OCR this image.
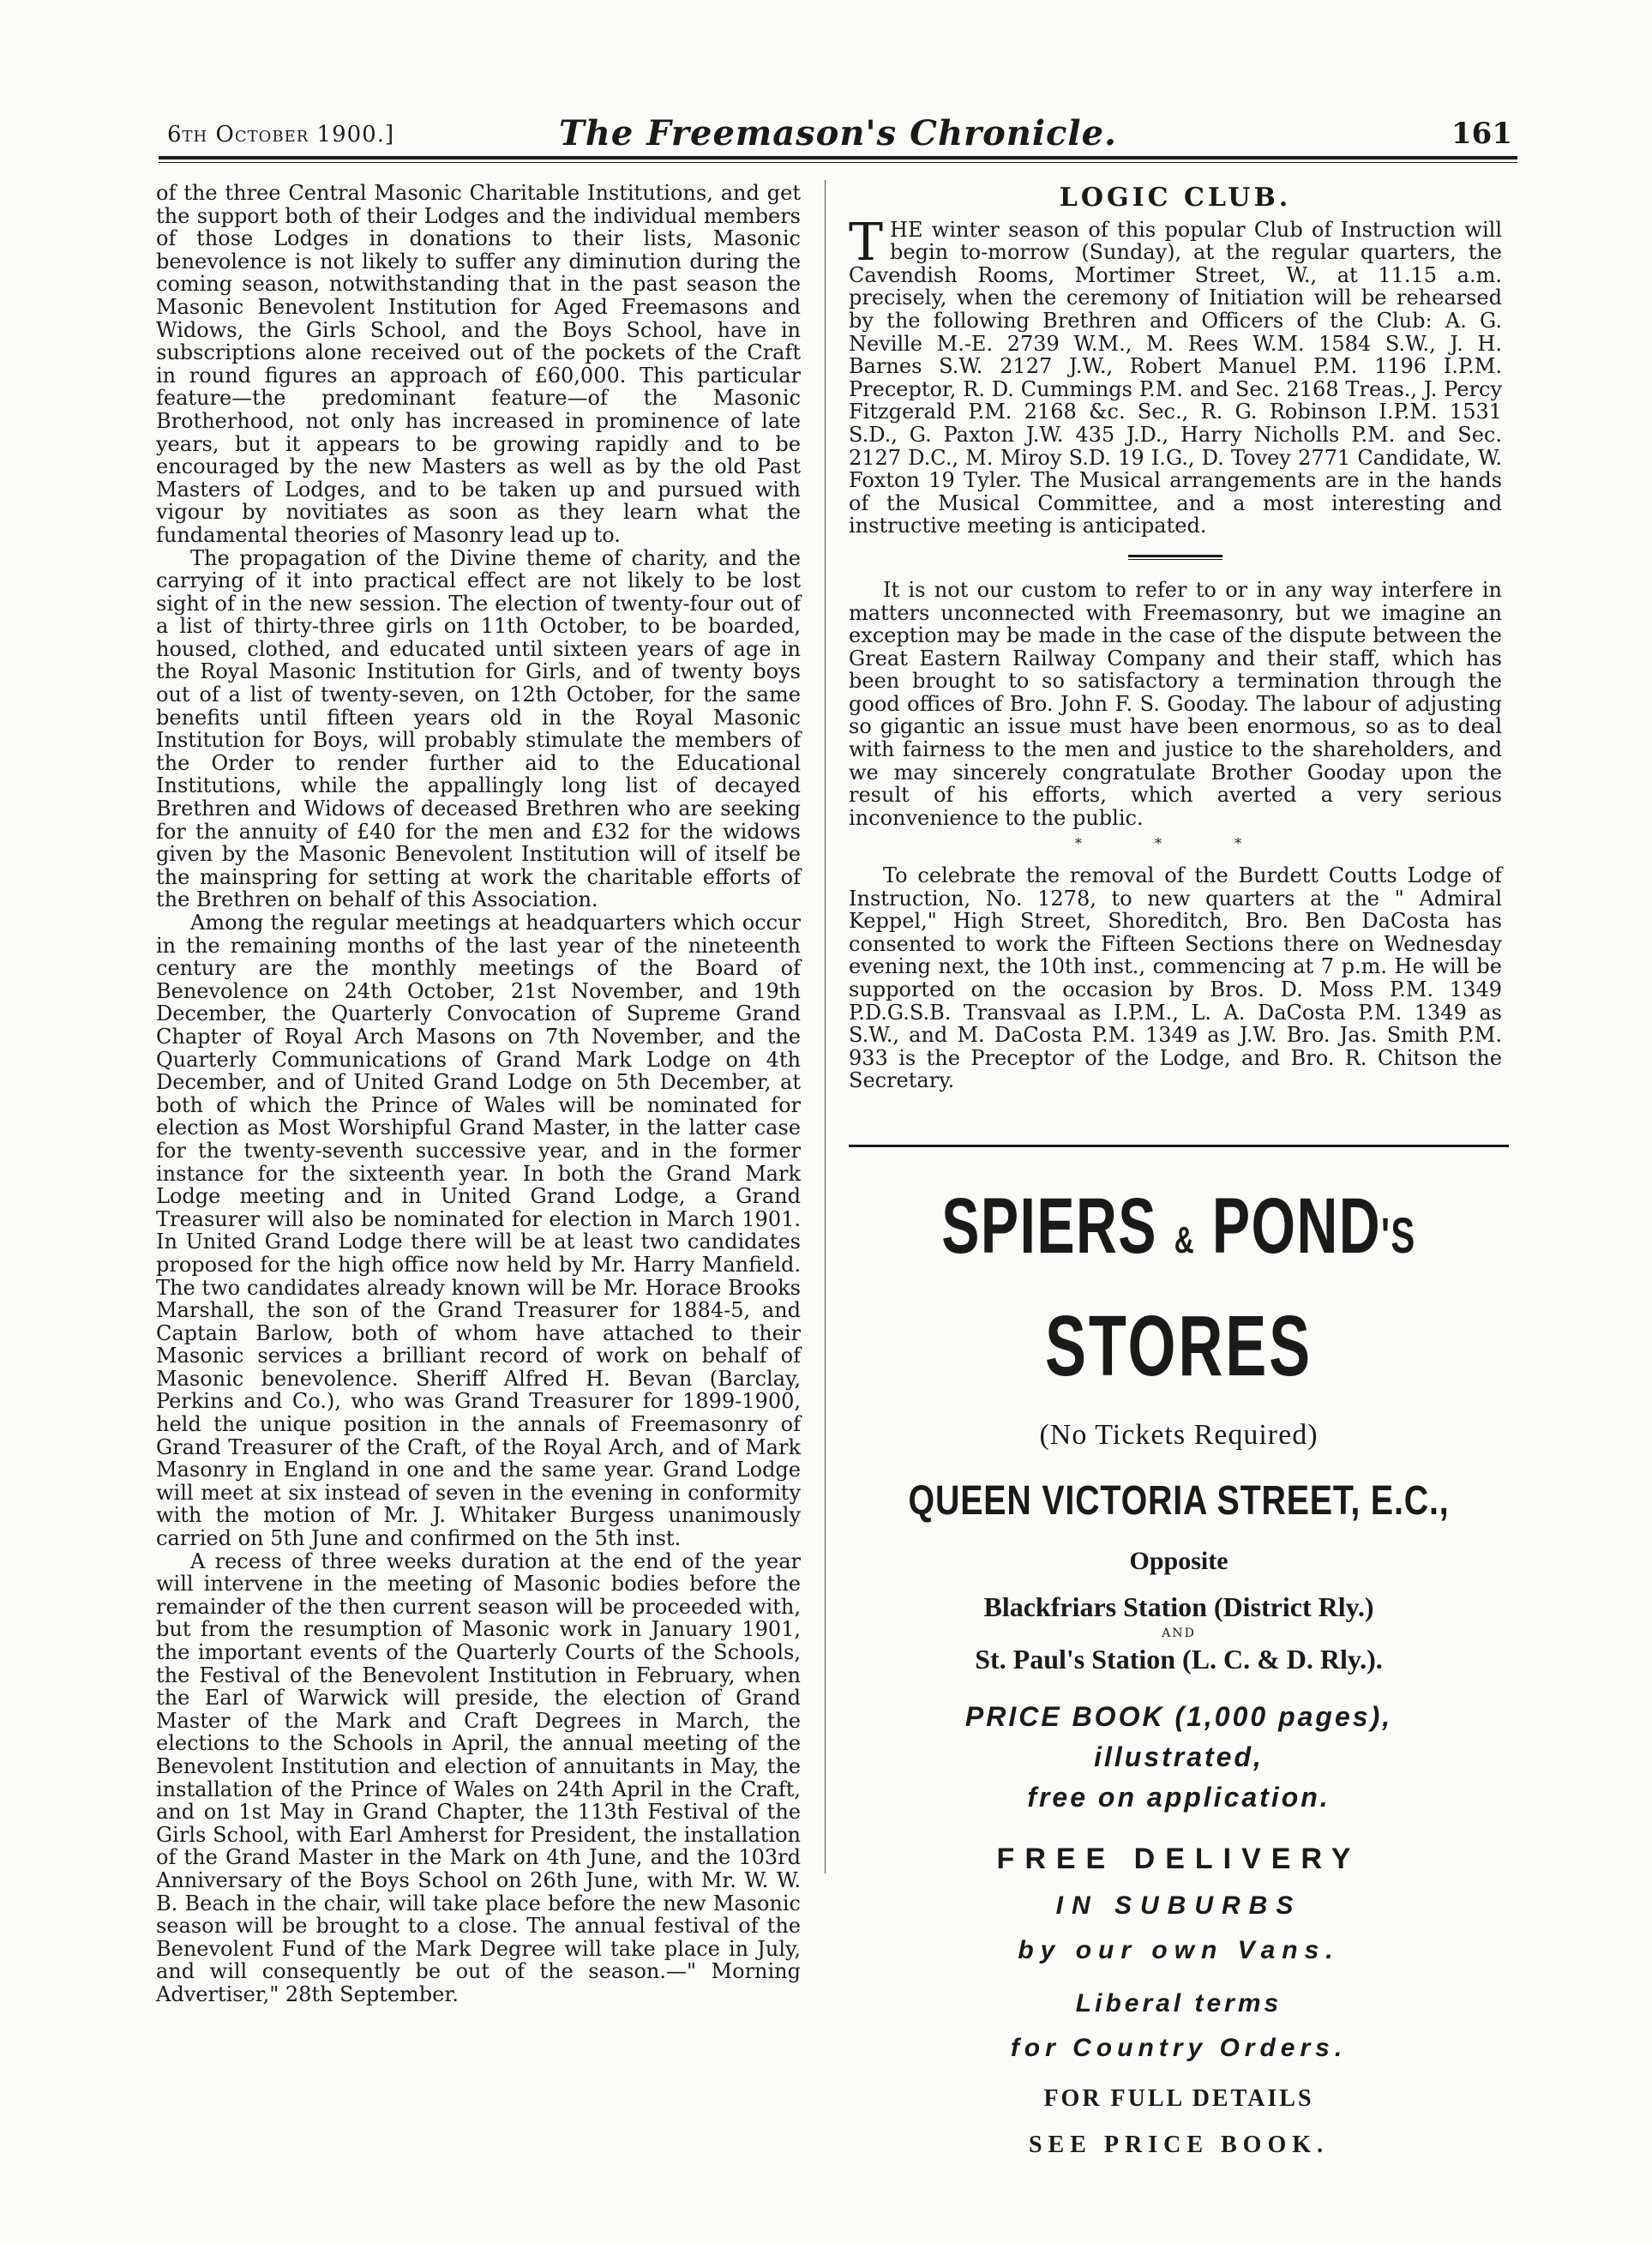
6th October 1900.]	The Freemason's Chronicle.	161

of the three Central Masonic Charitable Institutions, and get the support both of their Lodges and the individual members of those Lodges in donations to their lists, Masonic benevolence is not likely to suffer any diminution during the coming season, notwithstanding that in the past season the Masonic Benevolent Institution for Aged Freemasons and Widows, the Girls School, and the Boys School, have in subscriptions alone received out of the pockets of the Craft in round figures an approach of £60,000. This particular feature—the predominant feature—of the Masonic Brotherhood, not only has increased in prominence of late years, but it appears to be growing rapidly and to be encouraged by the new Masters as well as by the old Past Masters of Lodges, and to be taken up and pursued with vigour by novitiates as soon as they learn what the fundamental theories of Masonry lead up to.

The propagation of the Divine theme of charity, and the carrying of it into practical effect are not likely to be lost sight of in the new session. The election of twenty-four out of a list of thirty-three girls on 11th October, to be boarded, housed, clothed, and educated until sixteen years of age in the Royal Masonic Institution for Girls, and of twenty boys out of a list of twenty-seven, on 12th October, for the same benefits until fifteen years old in the Royal Masonic Institution for Boys, will probably stimulate the members of the Order to render further aid to the Educational Institutions, while the appallingly long list of decayed Brethren and Widows of deceased Brethren who are seeking for the annuity of £40 for the men and £32 for the widows given by the Masonic Benevolent Institution will of itself be the mainspring for setting at work the charitable efforts of the Brethren on behalf of this Association.

Among the regular meetings at headquarters which occur in the remaining months of the last year of the nineteenth century are the monthly meetings of the Board of Benevolence on 24th October, 21st November, and 19th December, the Quarterly Convocation of Supreme Grand Chapter of Royal Arch Masons on 7th November, and the Quarterly Communications of Grand Mark Lodge on 4th December, and of United Grand Lodge on 5th December, at both of which the Prince of Wales will be nominated for election as Most Worshipful Grand Master, in the latter case for the twenty-seventh successive year, and in the former instance for the sixteenth year. In both the Grand Mark Lodge meeting and in United Grand Lodge, a Grand Treasurer will also be nominated for election in March 1901. In United Grand Lodge there will be at least two candidates proposed for the high office now held by Mr. Harry Manfield. The two candidates already known will be Mr. Horace Brooks Marshall, the son of the Grand Treasurer for 1884-5, and Captain Barlow, both of whom have attached to their Masonic services a brilliant record of work on behalf of Masonic benevolence. Sheriff Alfred H. Bevan (Barclay, Perkins and Co.), who was Grand Treasurer for 1899-1900, held the unique position in the annals of Freemasonry of Grand Treasurer of the Craft, of the Royal Arch, and of Mark Masonry in England in one and the same year. Grand Lodge will meet at six instead of seven in the evening in conformity with the motion of Mr. J. Whitaker Burgess unanimously carried on 5th June and confirmed on the 5th inst.

A recess of three weeks duration at the end of the year will intervene in the meeting of Masonic bodies before the remainder of the then current season will be proceeded with, but from the resumption of Masonic work in January 1901, the important events of the Quarterly Courts of the Schools, the Festival of the Benevolent Institution in February, when the Earl of Warwick will preside, the election of Grand Master of the Mark and Craft Degrees in March, the elections to the Schools in April, the annual meeting of the Benevolent Institution and election of annuitants in May, the installation of the Prince of Wales on 24th April in the Craft, and on 1st May in Grand Chapter, the 113th Festival of the Girls School, with Earl Amherst for President, the installation of the Grand Master in the Mark on 4th June, and the 103rd Anniversary of the Boys School on 26th June, with Mr. W. W. B. Beach in the chair, will take place before the new Masonic season will be brought to a close. The annual festival of the Benevolent Fund of the Mark Degree will take place in July, and will consequently be out of the season.—" Morning Advertiser," 28th September.

LOGIC CLUB.

THE winter season of this popular Club of Instruction will begin to-morrow (Sunday), at the regular quarters, the Cavendish Rooms, Mortimer Street, W., at 11.15 a.m. precisely, when the ceremony of Initiation will be rehearsed by the following Brethren and Officers of the Club: A. G. Neville M.-E. 2739 W.M., M. Rees W.M. 1584 S.W., J. H. Barnes S.W. 2127 J.W., Robert Manuel P.M. 1196 I.P.M. Preceptor, R. D. Cummings P.M. and Sec. 2168 Treas., J. Percy Fitzgerald P.M. 2168 &c. Sec., R. G. Robinson I.P.M. 1531 S.D., G. Paxton J.W. 435 J.D., Harry Nicholls P.M. and Sec. 2127 D.C., M. Miroy S.D. 19 I.G., D. Tovey 2771 Candidate, W. Foxton 19 Tyler. The Musical arrangements are in the hands of the Musical Committee, and a most interesting and instructive meeting is anticipated.

It is not our custom to refer to or in any way interfere in matters unconnected with Freemasonry, but we imagine an exception may be made in the case of the dispute between the Great Eastern Railway Company and their staff, which has been brought to so satisfactory a termination through the good offices of Bro. John F. S. Gooday. The labour of adjusting so gigantic an issue must have been enormous, so as to deal with fairness to the men and justice to the shareholders, and we may sincerely congratulate Brother Gooday upon the result of his efforts, which averted a very serious inconvenience to the public.

* * *

To celebrate the removal of the Burdett Coutts Lodge of Instruction, No. 1278, to new quarters at the " Admiral Keppel," High Street, Shoreditch, Bro. Ben DaCosta has consented to work the Fifteen Sections there on Wednesday evening next, the 10th inst., commencing at 7 p.m. He will be supported on the occasion by Bros. D. Moss P.M. 1349 P.D.G.S.B. Transvaal as I.P.M., L. A. DaCosta P.M. 1349 as S.W., and M. DaCosta P.M. 1349 as J.W. Bro. Jas. Smith P.M. 933 is the Preceptor of the Lodge, and Bro. R. Chitson the Secretary.

SPIERS & POND'S
STORES
(No Tickets Required)
QUEEN VICTORIA STREET, E.C.,
Opposite
Blackfriars Station (District Rly.)
AND
St. Paul's Station (L. C. & D. Rly.).
PRICE BOOK (1,000 pages),
illustrated,
free on application.
FREE DELIVERY
IN SUBURBS
by our own Vans.
Liberal terms
for Country Orders.
FOR FULL DETAILS
SEE PRICE BOOK.
